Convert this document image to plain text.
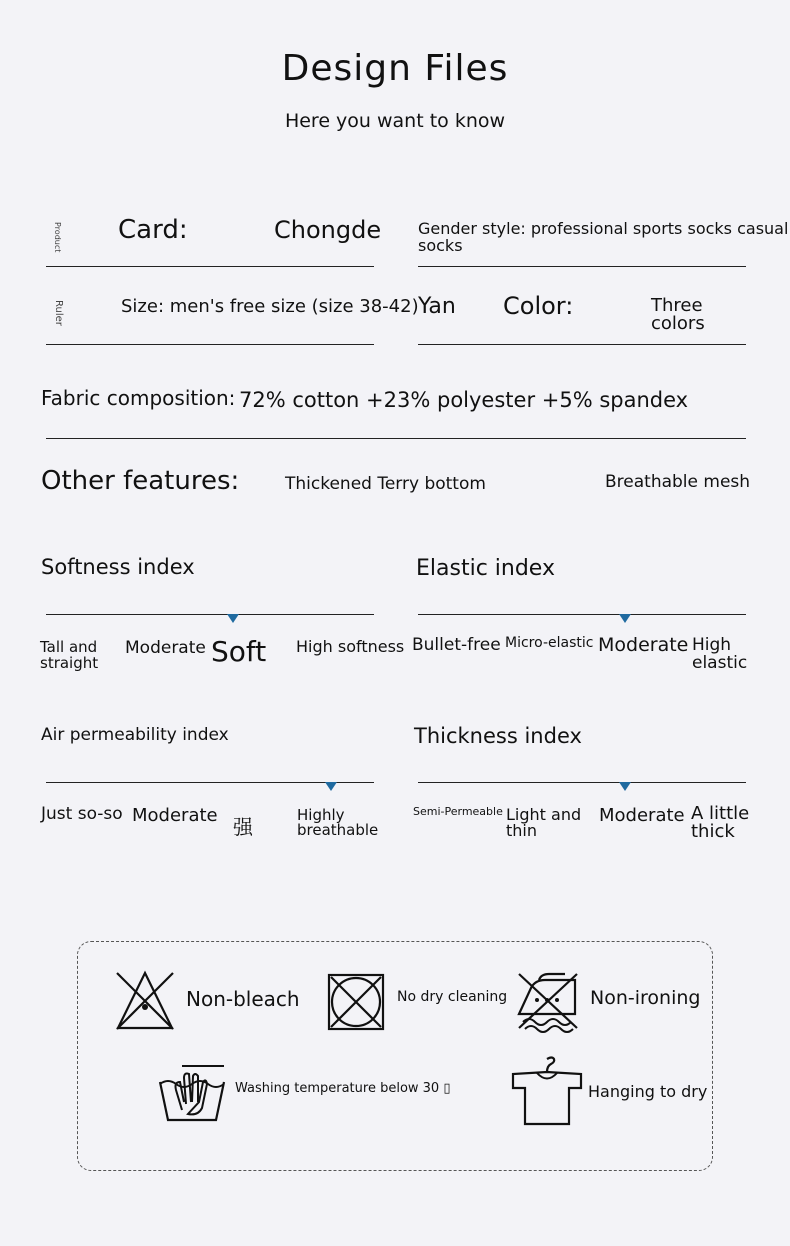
Design Files
Here you want to know
Product Card:	Chongde Gender style: professional sports socks casual
socks
Ruler	Size: men's free size (size 38-42) Yan Color:	Three
colors
Fabric composition: 72% cotton +23% polyester +5% spandex
Other features:	Thickened Terry bottom	Breathable mesh
Softness index
Tall and
straight
Moderate Soft High softness
Elastic index
Bullet-free Micro-elastic Moderate High
elastic
Air permeability index
Just so-so Moderate 强	Highly
breathable
Thickness index
Semi-Permeable Light and
thin
Moderate A little
thick
Non-bleach	No dry cleaning	Non-ironing
Washing temperature below 30 ▯	Hanging to dry
